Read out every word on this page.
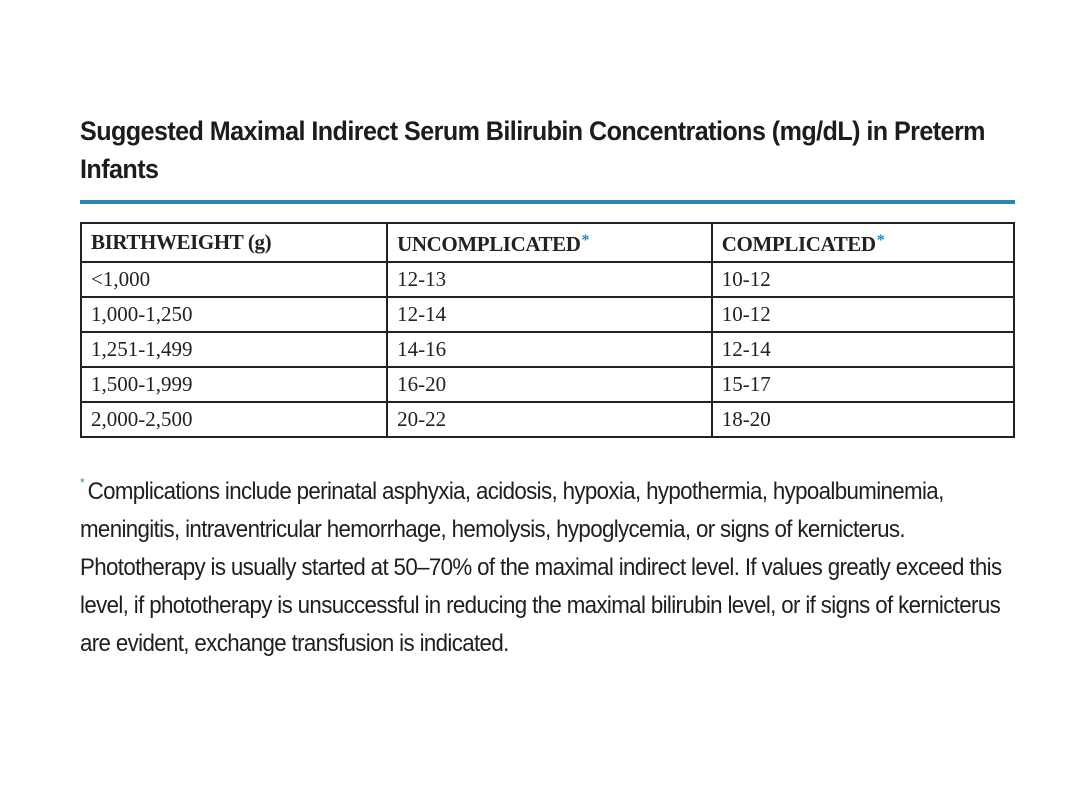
Suggested Maximal Indirect Serum Bilirubin Concentrations (mg/dL) in Preterm Infants
BIRTHWEIGHT (g)	UNCOMPLICATED*	COMPLICATED*
<1,000	12-13	10-12
1,000-1,250	12-14	10-12
1,251-1,499	14-16	12-14
1,500-1,999	16-20	15-17
2,000-2,500	20-22	18-20

* Complications include perinatal asphyxia, acidosis, hypoxia, hypothermia, hypoalbuminemia, meningitis, intraventricular hemorrhage, hemolysis, hypoglycemia, or signs of kernicterus. Phototherapy is usually started at 50–70% of the maximal indirect level. If values greatly exceed this level, if phototherapy is unsuccessful in reducing the maximal bilirubin level, or if signs of kernicterus are evident, exchange transfusion is indicated.
